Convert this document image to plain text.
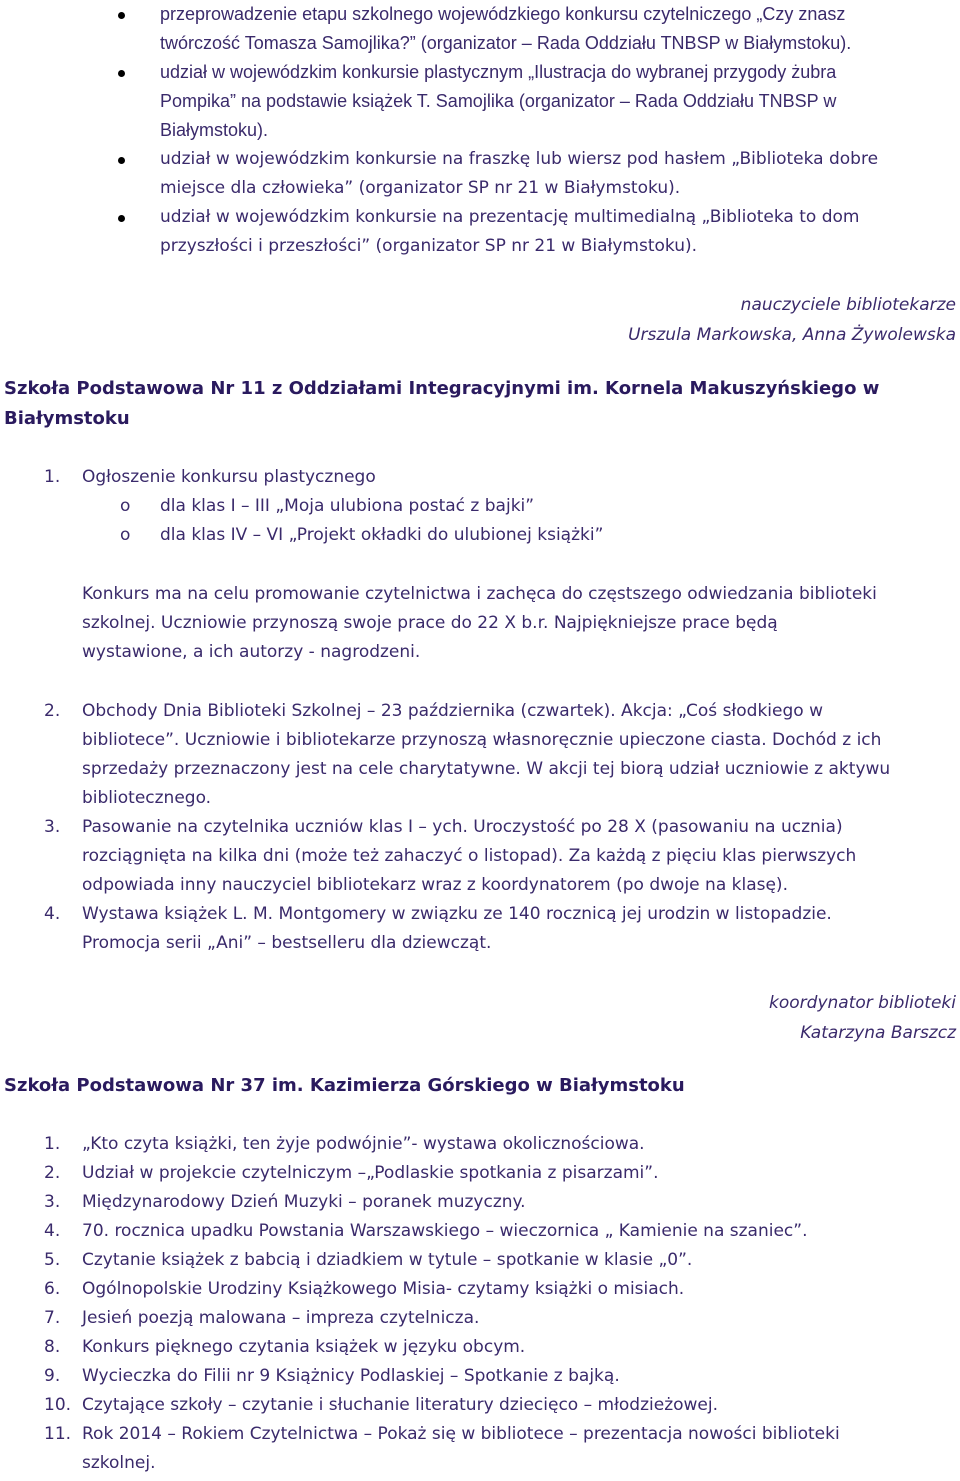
przeprowadzenie etapu szkolnego wojewódzkiego konkursu czytelniczego „Czy znasz
twórczość Tomasza Samojlika?” (organizator – Rada Oddziału TNBSP w Białymstoku).
udział w wojewódzkim konkursie plastycznym „Ilustracja do wybranej przygody żubra
Pompika” na podstawie książek T. Samojlika (organizator – Rada Oddziału TNBSP w
Białymstoku).
udział w wojewódzkim konkursie na fraszkę lub wiersz pod hasłem „Biblioteka dobre
miejsce dla człowieka” (organizator SP nr 21 w Białymstoku).
udział w wojewódzkim konkursie na prezentację multimedialną „Biblioteka to dom
przyszłości i przeszłości” (organizator SP nr 21 w Białymstoku).
nauczyciele bibliotekarze
Urszula Markowska, Anna Żywolewska
Szkoła Podstawowa Nr 11 z Oddziałami Integracyjnymi im. Kornela Makuszyńskiego w
Białymstoku
1. Ogłoszenie konkursu plastycznego
o dla klas I – III „Moja ulubiona postać z bajki”
o dla klas IV – VI „Projekt okładki do ulubionej książki”
Konkurs ma na celu promowanie czytelnictwa i zachęca do częstszego odwiedzania biblioteki
szkolnej. Uczniowie przynoszą swoje prace do 22 X b.r. Najpiękniejsze prace będą
wystawione, a ich autorzy - nagrodzeni.
2. Obchody Dnia Biblioteki Szkolnej – 23 października (czwartek). Akcja: „Coś słodkiego w
bibliotece”. Uczniowie i bibliotekarze przynoszą własnoręcznie upieczone ciasta. Dochód z ich
sprzedaży przeznaczony jest na cele charytatywne. W akcji tej biorą udział uczniowie z aktywu
bibliotecznego.
3. Pasowanie na czytelnika uczniów klas I – ych. Uroczystość po 28 X (pasowaniu na ucznia)
rozciągnięta na kilka dni (może też zahaczyć o listopad). Za każdą z pięciu klas pierwszych
odpowiada inny nauczyciel bibliotekarz wraz z koordynatorem (po dwoje na klasę).
4. Wystawa książek L. M. Montgomery w związku ze 140 rocznicą jej urodzin w listopadzie.
Promocja serii „Ani” – bestselleru dla dziewcząt.
koordynator biblioteki
Katarzyna Barszcz
Szkoła Podstawowa Nr 37 im. Kazimierza Górskiego w Białymstoku
1. „Kto czyta książki, ten żyje podwójnie”- wystawa okolicznościowa.
2. Udział w projekcie czytelniczym –„Podlaskie spotkania z pisarzami”.
3. Międzynarodowy Dzień Muzyki – poranek muzyczny.
4. 70. rocznica upadku Powstania Warszawskiego – wieczornica „ Kamienie na szaniec”.
5. Czytanie książek z babcią i dziadkiem w tytule – spotkanie w klasie „0”.
6. Ogólnopolskie Urodziny Książkowego Misia- czytamy książki o misiach.
7. Jesień poezją malowana – impreza czytelnicza.
8. Konkurs pięknego czytania książek w języku obcym.
9. Wycieczka do Filii nr 9 Książnicy Podlaskiej – Spotkanie z bajką.
10. Czytające szkoły – czytanie i słuchanie literatury dziecięco – młodzieżowej.
11. Rok 2014 – Rokiem Czytelnictwa – Pokaż się w bibliotece – prezentacja nowości biblioteki
szkolnej.
